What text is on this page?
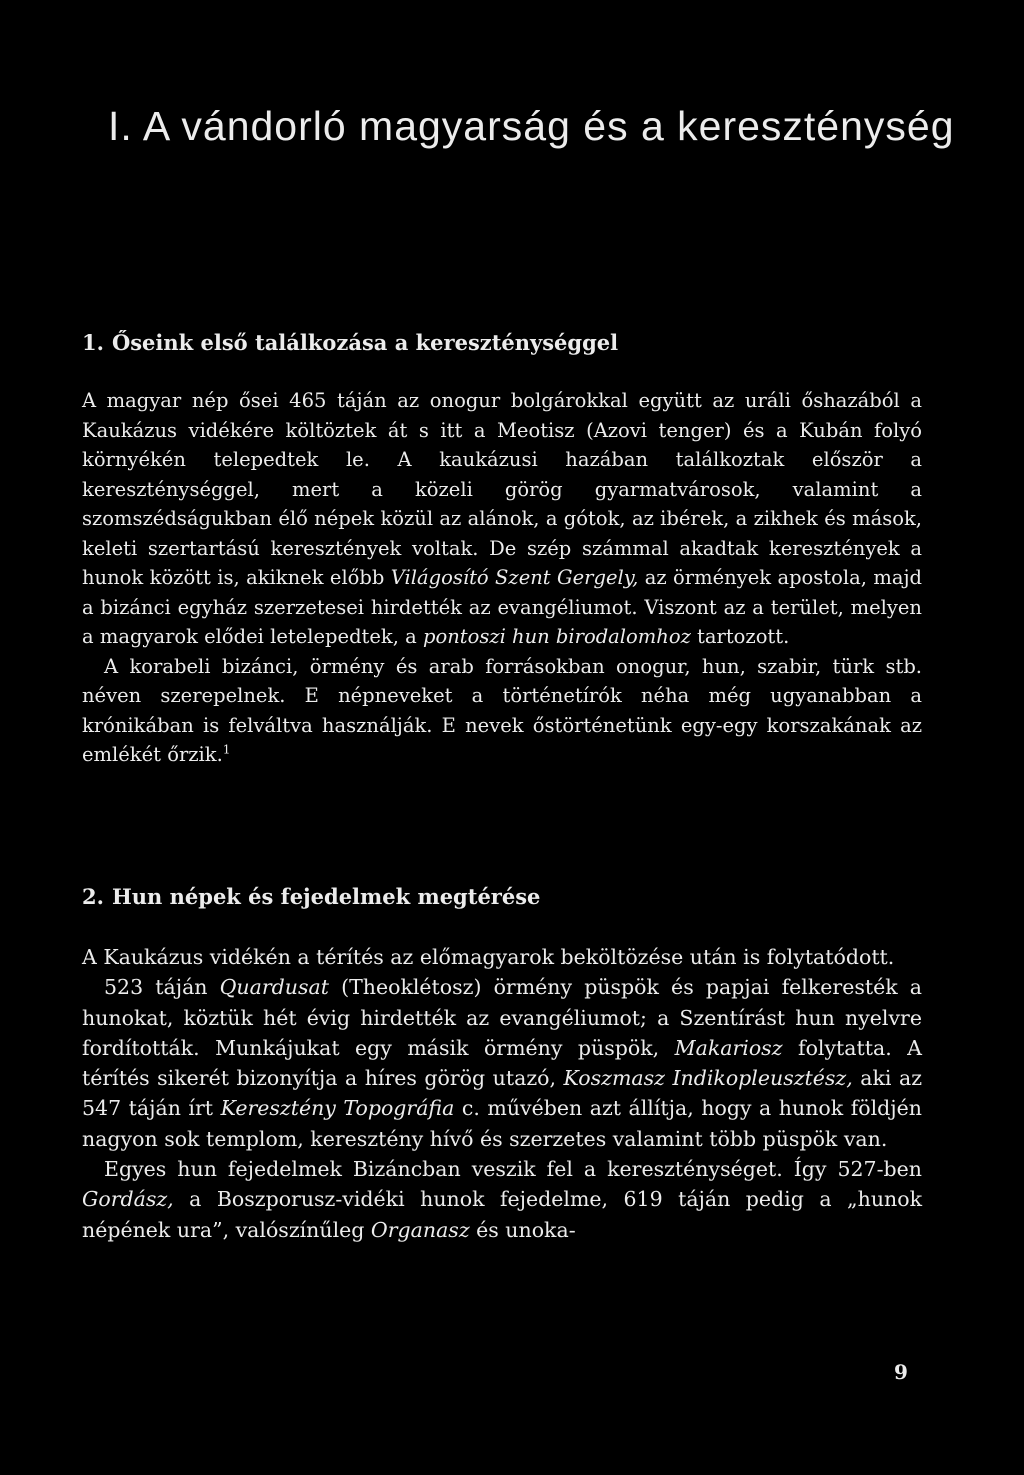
I. A vándorló magyarság és a kereszténység
1. Őseink első találkozása a kereszténységgel

A magyar nép ősei 465 táján az onogur bolgárokkal együtt az uráli őshazából a Kaukázus vidékére költöztek át s itt a Meotisz (Azovi tenger) és a Kubán folyó környékén telepedtek le. A kaukázusi hazában találkoztak először a kereszténységgel, mert a közeli görög gyarmatvárosok, valamint a szomszédságukban élő népek közül az alánok, a gótok, az ibérek, a zikhek és mások, keleti szertartású keresztények voltak. De szép számmal akadtak keresztények a hunok között is, akiknek előbb Világosító Szent Gergely, az örmények apostola, majd a bizánci egyház szerzetesei hirdették az evangéliumot. Viszont az a terület, melyen a magyarok elődei letelepedtek, a pontoszi hun birodalomhoz tartozott.

A korabeli bizánci, örmény és arab forrásokban onogur, hun, szabir, türk stb. néven szerepelnek. E népneveket a történetírók néha még ugyanabban a krónikában is felváltva használják. E nevek őstörténetünk egy-egy korszakának az emlékét őrzik.$^1$

2. Hun népek és fejedelmek megtérése

A Kaukázus vidékén a térítés az előmagyarok beköltözése után is folytatódott.

523 táján Quardusat (Theoklétosz) örmény püspök és papjai felkeresték a hunokat, köztük hét évig hirdették az evangéliumot; a Szentírást hun nyelvre fordították. Munkájukat egy másik örmény püspök, Makariosz folytatta. A térítés sikerét bizonyítja a híres görög utazó, Koszmasz Indikopleusztész, aki az 547 táján írt Keresztény Topográfia c. művében azt állítja, hogy a hunok földjén nagyon sok templom, keresztény hívő és szerzetes valamint több püspök van.

Egyes hun fejedelmek Bizáncban veszik fel a kereszténységet. Így 527-ben Gordász, a Boszporusz-vidéki hunok fejedelme, 619 táján pedig a „hunok népének ura”, valószínűleg Organasz és unoka-

9
